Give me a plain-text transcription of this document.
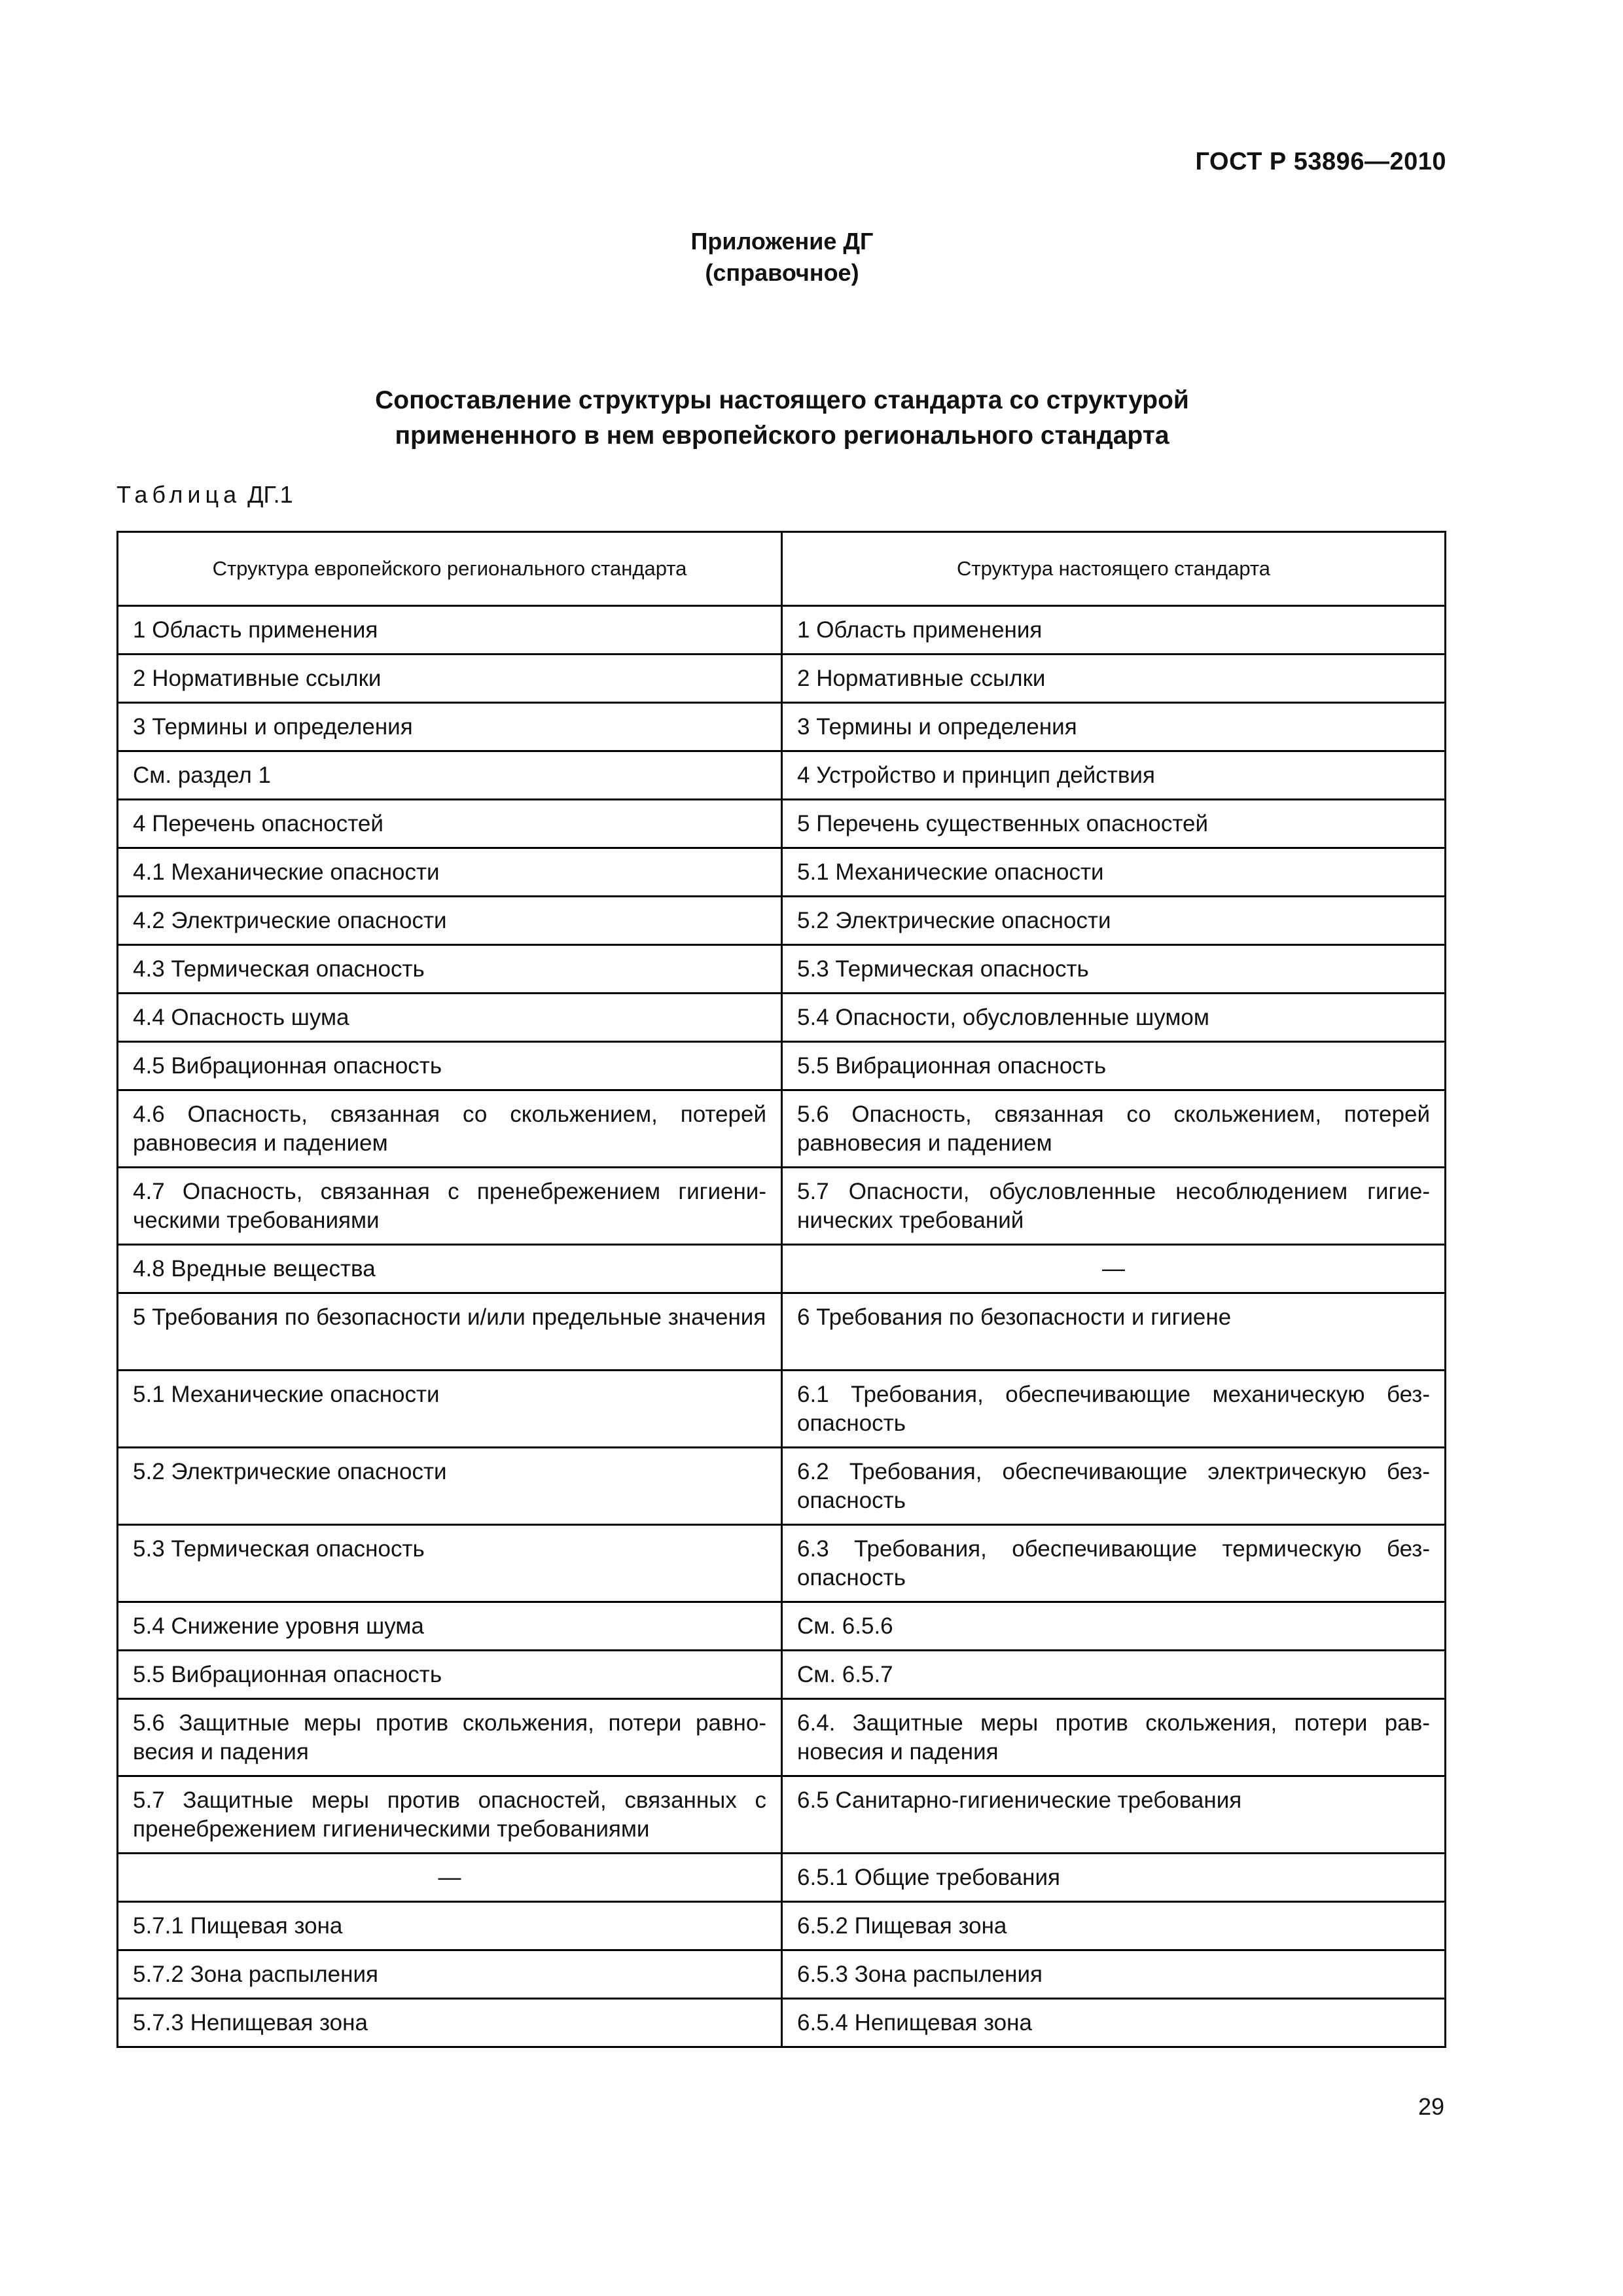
ГОСТ Р 53896—2010
Приложение ДГ
(справочное)
Сопоставление структуры настоящего стандарта со структурой
примененного в нем европейского регионального стандарта
Таблица ДГ.1
Структура европейского регионального стандарта	Структура настоящего стандарта
1 Область применения	1 Область применения
2 Нормативные ссылки	2 Нормативные ссылки
3 Термины и определения	3 Термины и определения
См. раздел 1	4 Устройство и принцип действия
4 Перечень опасностей	5 Перечень существенных опасностей
4.1 Механические опасности	5.1 Механические опасности
4.2 Электрические опасности	5.2 Электрические опасности
4.3 Термическая опасность	5.3 Термическая опасность
4.4 Опасность шума	5.4 Опасности, обусловленные шумом
4.5 Вибрационная опасность	5.5 Вибрационная опасность
4.6 Опасность, связанная со скольжением, потерей равновесия и падением	5.6 Опасность, связанная со скольжением, потерей равновесия и падением
4.7 Опасность, связанная с пренебрежением гигиеническими требованиями	5.7 Опасности, обусловленные несоблюдением гигиенических требований
4.8 Вредные вещества	—
5 Требования по безопасности и/или предельные значения	6 Требования по безопасности и гигиене
5.1 Механические опасности	6.1 Требования, обеспечивающие механическую безопасность
5.2 Электрические опасности	6.2 Требования, обеспечивающие электрическую безопасность
5.3 Термическая опасность	6.3 Требования, обеспечивающие термическую безопасность
5.4 Снижение уровня шума	См. 6.5.6
5.5 Вибрационная опасность	См. 6.5.7
5.6 Защитные меры против скольжения, потери равновесия и падения	6.4. Защитные меры против скольжения, потери равновесия и падения
5.7 Защитные меры против опасностей, связанных с пренебрежением гигиеническими требованиями	6.5 Санитарно-гигиенические требования
—	6.5.1 Общие требования
5.7.1 Пищевая зона	6.5.2 Пищевая зона
5.7.2 Зона распыления	6.5.3 Зона распыления
5.7.3 Непищевая зона	6.5.4 Непищевая зона
29
